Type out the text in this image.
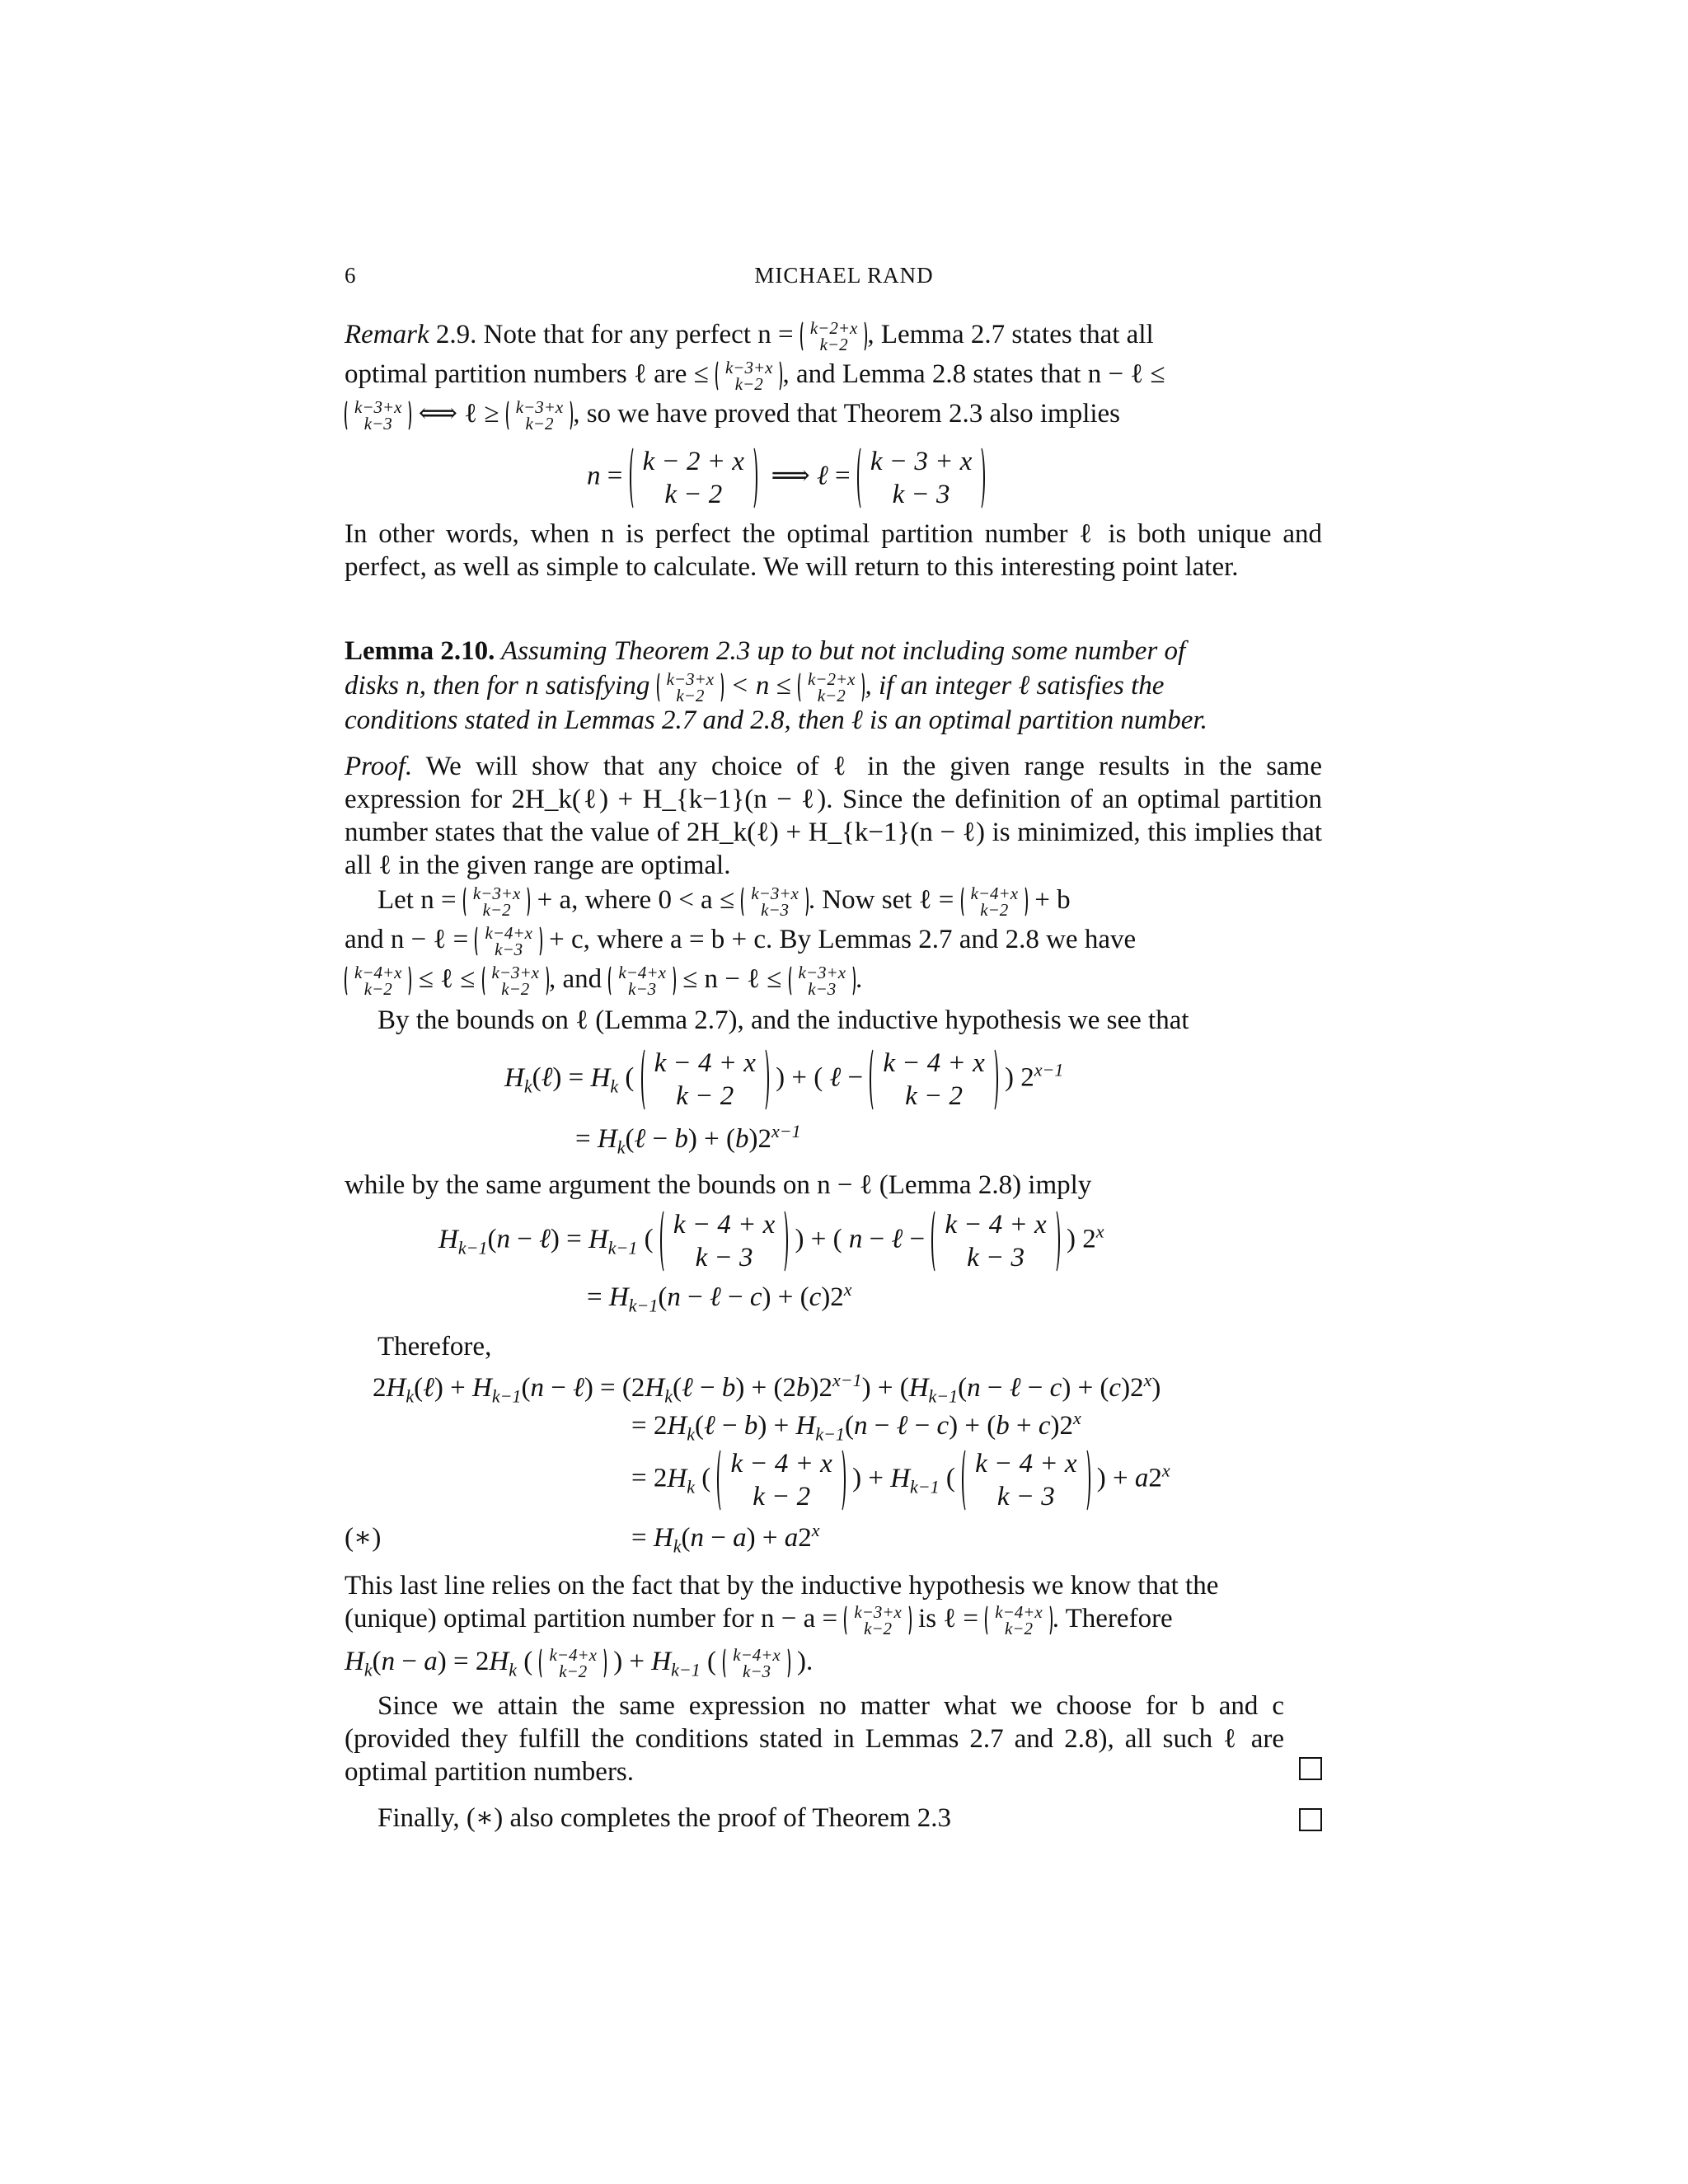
6	MICHAEL RAND
Remark 2.9. Note that for any perfect n = k−2+x
k−2 , Lemma 2.7 states that all
optimal partition numbers ℓ are ≤ k−3+x
k−2 , and Lemma 2.8 states that n − ℓ ≤
k−3+x
k−3 ⟺ ℓ ≥ k−3+x
k−2 , so we have proved that Theorem 2.3 also implies
n = k − 2 + x
k − 2
⟹ ℓ = k − 3 + x
k − 3
In other words, when n is perfect the optimal partition number ℓ is both unique and perfect, as well as simple to calculate. We will return to this interesting point later.
Lemma 2.10. Assuming Theorem 2.3 up to but not including some number of
disks n, then for n satisfying k−3+x
k−2 < n ≤ k−2+x
k−2 , if an integer ℓ satisfies the
conditions stated in Lemmas 2.7 and 2.8, then ℓ is an optimal partition number.
Proof. We will show that any choice of ℓ in the given range results in the same expression for 2H_k(ℓ) + H_{k−1}(n − ℓ). Since the definition of an optimal partition number states that the value of 2H_k(ℓ) + H_{k−1}(n − ℓ) is minimized, this implies that all ℓ in the given range are optimal.
Let n = k−3+x
k−2 + a, where 0 < a ≤ k−3+x
k−3 . Now set ℓ = k−4+x
k−2 + b
and n − ℓ = k−4+x
k−3 + c, where a = b + c. By Lemmas 2.7 and 2.8 we have
k−4+x
k−2 ≤ ℓ ≤ k−3+x
k−2 , and k−4+x
k−3 ≤ n − ℓ ≤ k−3+x
k−3 .
By the bounds on ℓ (Lemma 2.7), and the inductive hypothesis we see that
$H_k(\ell) = H_k$ ( k − 4 + x
k − 2
) + ( ℓ − k − 4 + x
k − 2
) $2^{x-1}$
= $H_k(\ell - b) + (b)2^{x-1}$
while by the same argument the bounds on n − ℓ (Lemma 2.8) imply
$H_{k-1}(n$ − ℓ) = $H_{k-1}$ ( k − 4 + x
k − 3
) + ( n − ℓ − k − 4 + x
k − 3
) $2^x$
= $H_{k-1}(n$ − ℓ − $c) + (c)2^x$
Therefore,
$2H_k(\ell) + H_{k-1}(n$ − ℓ) = $(2H_k(\ell - b) + (2b)2^{x-1}) + (H_{k-1}(n$ − ℓ − $c) + (c)2^x$)
= $2H_k(\ell - b) + H_{k-1}(n$ − ℓ − $c) + (b + c)2^x$
= $2H_k$ ( k − 4 + x
k − 2
) + $H_{k-1}$ ( k − 4 + x
k − 3
) + $a2^x$
(∗)	= $H_k(n - a) + a2^x$
This last line relies on the fact that by the inductive hypothesis we know that the
(unique) optimal partition number for n − a = k−3+x
k−2 is ℓ = k−4+x
k−2 . Therefore
$H_k(n - a) = 2H_k$ ( k−4+x
k−2 ) + $H_{k-1}$ ( k−4+x
k−3 ).
Since we attain the same expression no matter what we choose for b and c (provided they fulfill the conditions stated in Lemmas 2.7 and 2.8), all such ℓ are optimal partition numbers.
Finally, (∗) also completes the proof of Theorem 2.3
